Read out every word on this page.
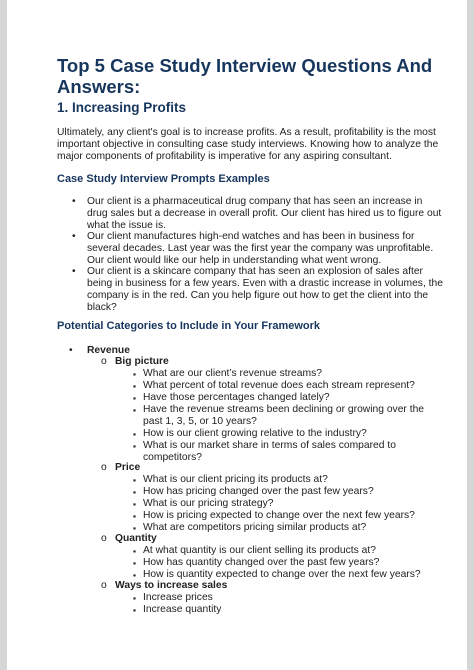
Top 5 Case Study Interview Questions And

Answers:

1. Increasing Profits

Ultimately, any client's goal is to increase profits. As a result, profitability is the most

important objective in consulting case study interviews. Knowing how to analyze the

major components of profitability is imperative for any aspiring consultant.

Case Study Interview Prompts Examples

• Our client is a pharmaceutical drug company that has seen an increase in

drug sales but a decrease in overall profit. Our client has hired us to figure out

what the issue is.

• Our client manufactures high-end watches and has been in business for

several decades. Last year was the first year the company was unprofitable.

Our client would like our help in understanding what went wrong.

• Our client is a skincare company that has seen an explosion of sales after

being in business for a few years. Even with a drastic increase in volumes, the

company is in the red. Can you help figure out how to get the client into the

black?

Potential Categories to Include in Your Framework

• Revenue

o Big picture

▪ What are our client’s revenue streams?

▪ What percent of total revenue does each stream represent?

▪ Have those percentages changed lately?

▪ Have the revenue streams been declining or growing over the

past 1, 3, 5, or 10 years?

▪ How is our client growing relative to the industry?

▪ What is our market share in terms of sales compared to

competitors?

o Price

▪ What is our client pricing its products at?

▪ How has pricing changed over the past few years?

▪ What is our pricing strategy?

▪ How is pricing expected to change over the next few years?

▪ What are competitors pricing similar products at?

o Quantity

▪ At what quantity is our client selling its products at?

▪ How has quantity changed over the past few years?

▪ How is quantity expected to change over the next few years?

o Ways to increase sales

▪ Increase prices

▪ Increase quantity
